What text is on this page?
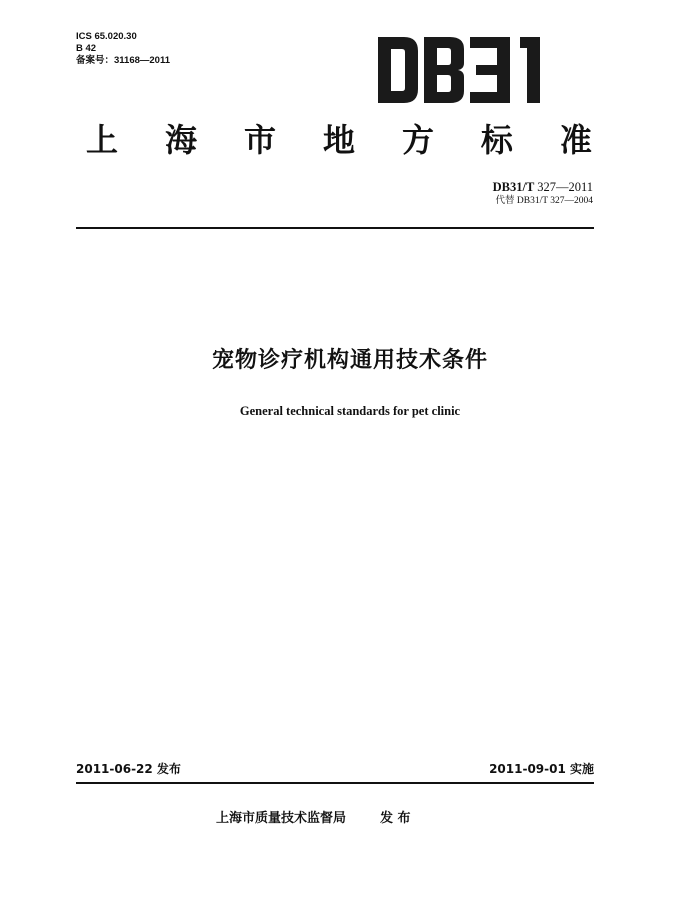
ICS 65.020.30
B 42
备案号：31168—2011
上 海 市 地 方 标 准
DB31/T 327—2011
代替 DB31/T 327—2004
宠物诊疗机构通用技术条件
General technical standards for pet clinic
2011-06-22 发布	2011-09-01 实施
上海市质量技术监督局	发 布
